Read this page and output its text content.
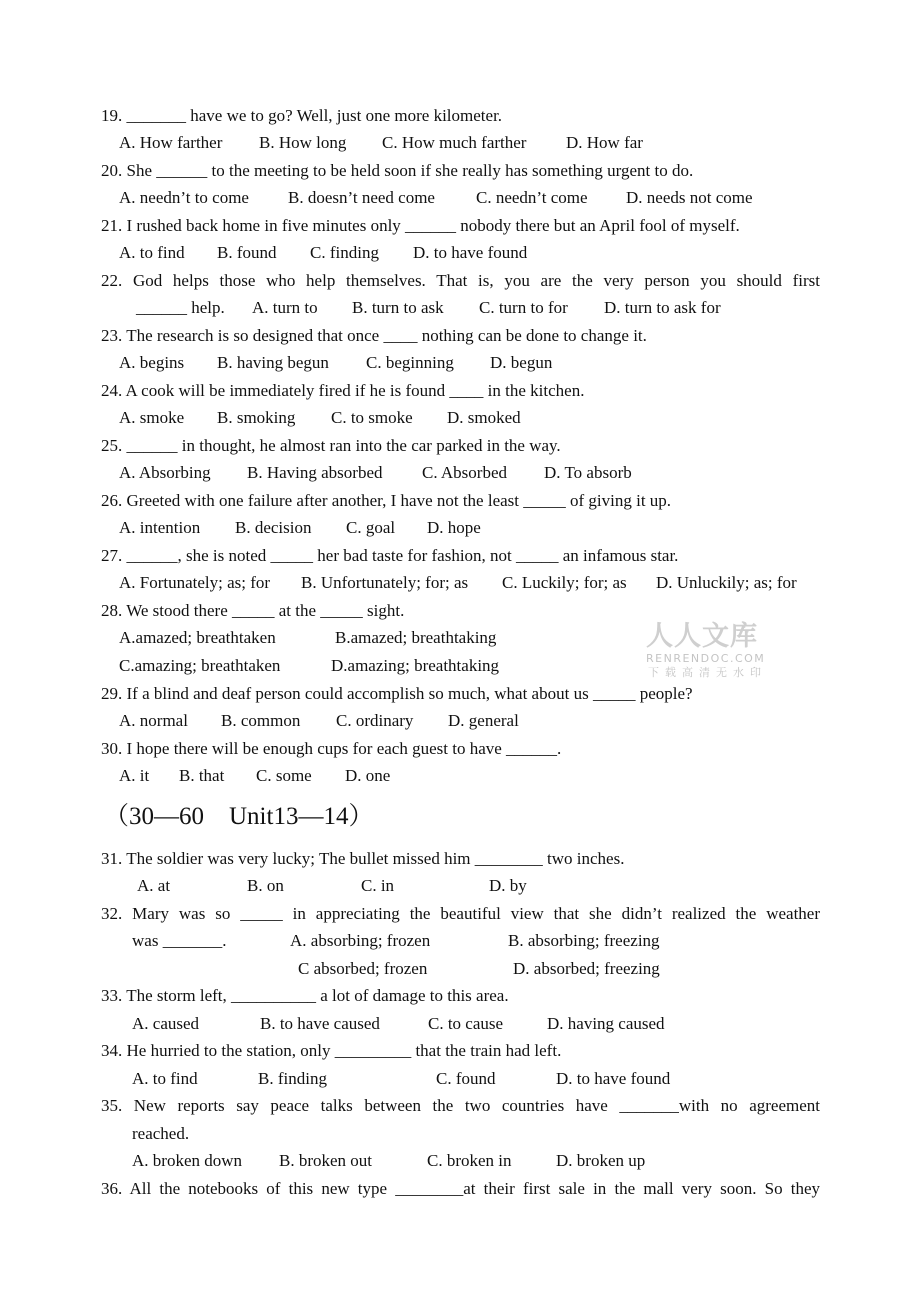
19. _______ have we to go? Well, just one more kilometer.
A. How farther B. How long C. How much farther D. How far
20. She ______ to the meeting to be held soon if she really has something urgent to do.
A. needn’t to come B. doesn’t need come C. needn’t come D. needs not come
21. I rushed back home in five minutes only ______ nobody there but an April fool of myself.
A. to find B. found C. finding D. to have found
22. God helps those who help themselves. That is, you are the very person you should first
______ help. A. turn to B. turn to ask C. turn to for D. turn to ask for
23. The research is so designed that once ____ nothing can be done to change it.
A. begins B. having begun C. beginning D. begun
24. A cook will be immediately fired if he is found ____ in the kitchen.
A. smoke B. smoking C. to smoke D. smoked
25. ______ in thought, he almost ran into the car parked in the way.
A. Absorbing B. Having absorbed C. Absorbed D. To absorb
26. Greeted with one failure after another, I have not the least _____ of giving it up.
A. intention B. decision C. goal D. hope
27. ______, she is noted _____ her bad taste for fashion, not _____ an infamous star.
A. Fortunately; as; for B. Unfortunately; for; as C. Luckily; for; as D. Unluckily; as; for
28. We stood there _____ at the _____ sight.
A.amazed; breathtaken	B.amazed; breathtaking
C.amazing; breathtaken	D.amazing; breathtaking
29. If a blind and deaf person could accomplish so much, what about us _____ people?
A. normal B. common C. ordinary D. general
30. I hope there will be enough cups for each guest to have ______.
A. it B. that C. some D. one
（30—60　Unit13—14）
31. The soldier was very lucky; The bullet missed him ________ two inches.
A. at	B. on	C. in	D. by
32. Mary was so _____ in appreciating the beautiful view that she didn’t realized the weather
was _______.	A. absorbing; frozen	B. absorbing; freezing
C absorbed; frozen	D. absorbed; freezing
33. The storm left, __________ a lot of damage to this area.
A. caused	B. to have caused	C. to cause	D. having caused
34. He hurried to the station, only _________ that the train had left.
A. to find	B. finding	C. found	D. to have found
35. New reports say peace talks between the two countries have _______with no agreement
reached.
A. broken down B. broken out	C. broken in	D. broken up
36. All the notebooks of this new type ________at their first sale in the mall very soon. So they
人人文库
RENRENDOC.COM
下载高清无水印
